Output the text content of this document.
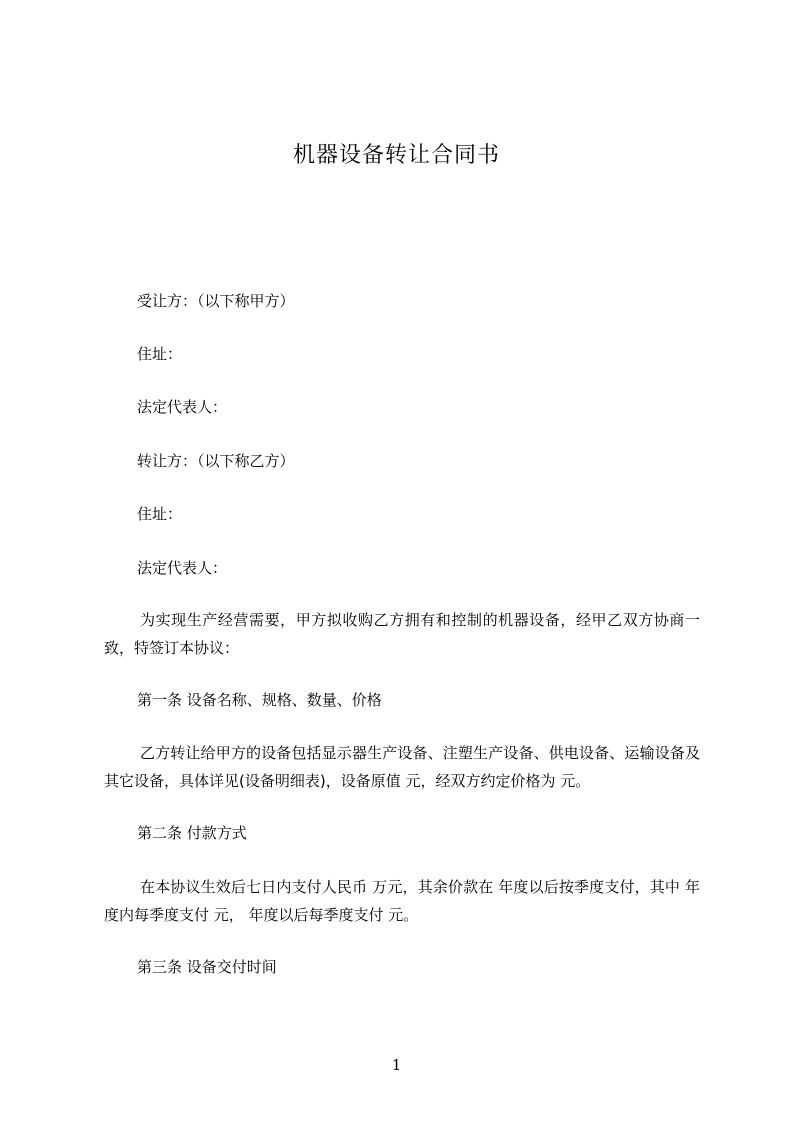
机器设备转让合同书
受让方：（以下称甲方）
住址：
法定代表人：
转让方：（以下称乙方）
住址：
法定代表人：
为实现生产经营需要，甲方拟收购乙方拥有和控制的机器设备，经甲乙双方协商一致，特签订本协议：
第一条 设备名称、规格、数量、价格
乙方转让给甲方的设备包括显示器生产设备、注塑生产设备、供电设备、运输设备及其它设备，具体详见(设备明细表)，设备原值 元，经双方约定价格为 元。
第二条 付款方式
在本协议生效后七日内支付人民币 万元，其余价款在 年度以后按季度支付，其中 年度内每季度支付 元， 年度以后每季度支付 元。
第三条 设备交付时间
1
